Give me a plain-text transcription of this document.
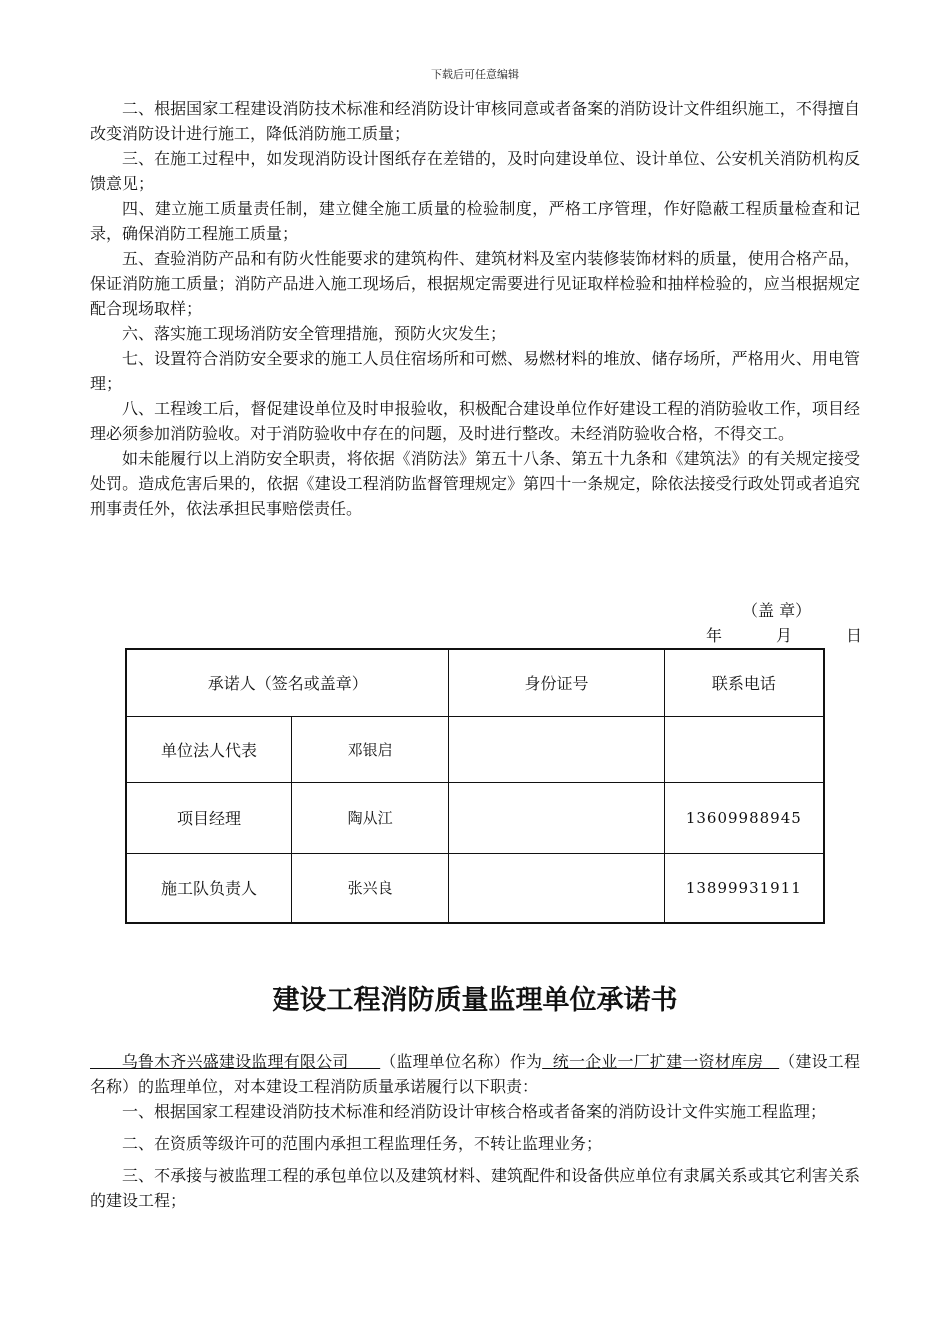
下载后可任意编辑

二、根据国家工程建设消防技术标准和经消防设计审核同意或者备案的消防设计文件组织施工，不得擅自改变消防设计进行施工，降低消防施工质量；

三、在施工过程中，如发现消防设计图纸存在差错的，及时向建设单位、设计单位、公安机关消防机构反馈意见；

四、建立施工质量责任制，建立健全施工质量的检验制度，严格工序管理，作好隐蔽工程质量检查和记录，确保消防工程施工质量；

五、查验消防产品和有防火性能要求的建筑构件、建筑材料及室内装修装饰材料的质量，使用合格产品，保证消防施工质量；消防产品进入施工现场后，根据规定需要进行见证取样检验和抽样检验的，应当根据规定配合现场取样；

六、落实施工现场消防安全管理措施，预防火灾发生；

七、设置符合消防安全要求的施工人员住宿场所和可燃、易燃材料的堆放、储存场所，严格用火、用电管理；

八、工程竣工后，督促建设单位及时申报验收，积极配合建设单位作好建设工程的消防验收工作，项目经理必须参加消防验收。对于消防验收中存在的问题，及时进行整改。未经消防验收合格，不得交工。

如未能履行以上消防安全职责，将依据《消防法》第五十八条、第五十九条和《建筑法》的有关规定接受处罚。造成危害后果的，依据《建设工程消防监督管理规定》第四十一条规定，除依法接受行政处罚或者追究刑事责任外，依法承担民事赔偿责任。

（盖 章）
年	月	日
承诺人（签名或盖章）		身份证号	联系电话
单位法人代表	邓银启		
项目经理	陶从江		13609988945
施工队负责人	张兴良		13899931911
建设工程消防质量监理单位承诺书

乌鲁木齐兴盛建设监理有限公司      （监理单位名称）作为  统一企业一厂扩建一资材库房   （建设工程名称）的监理单位，对本建设工程消防质量承诺履行以下职责：

一、根据国家工程建设消防技术标准和经消防设计审核合格或者备案的消防设计文件实施工程监理；

二、在资质等级许可的范围内承担工程监理任务，不转让监理业务；

三、不承接与被监理工程的承包单位以及建筑材料、建筑配件和设备供应单位有隶属关系或其它利害关系的建设工程；
